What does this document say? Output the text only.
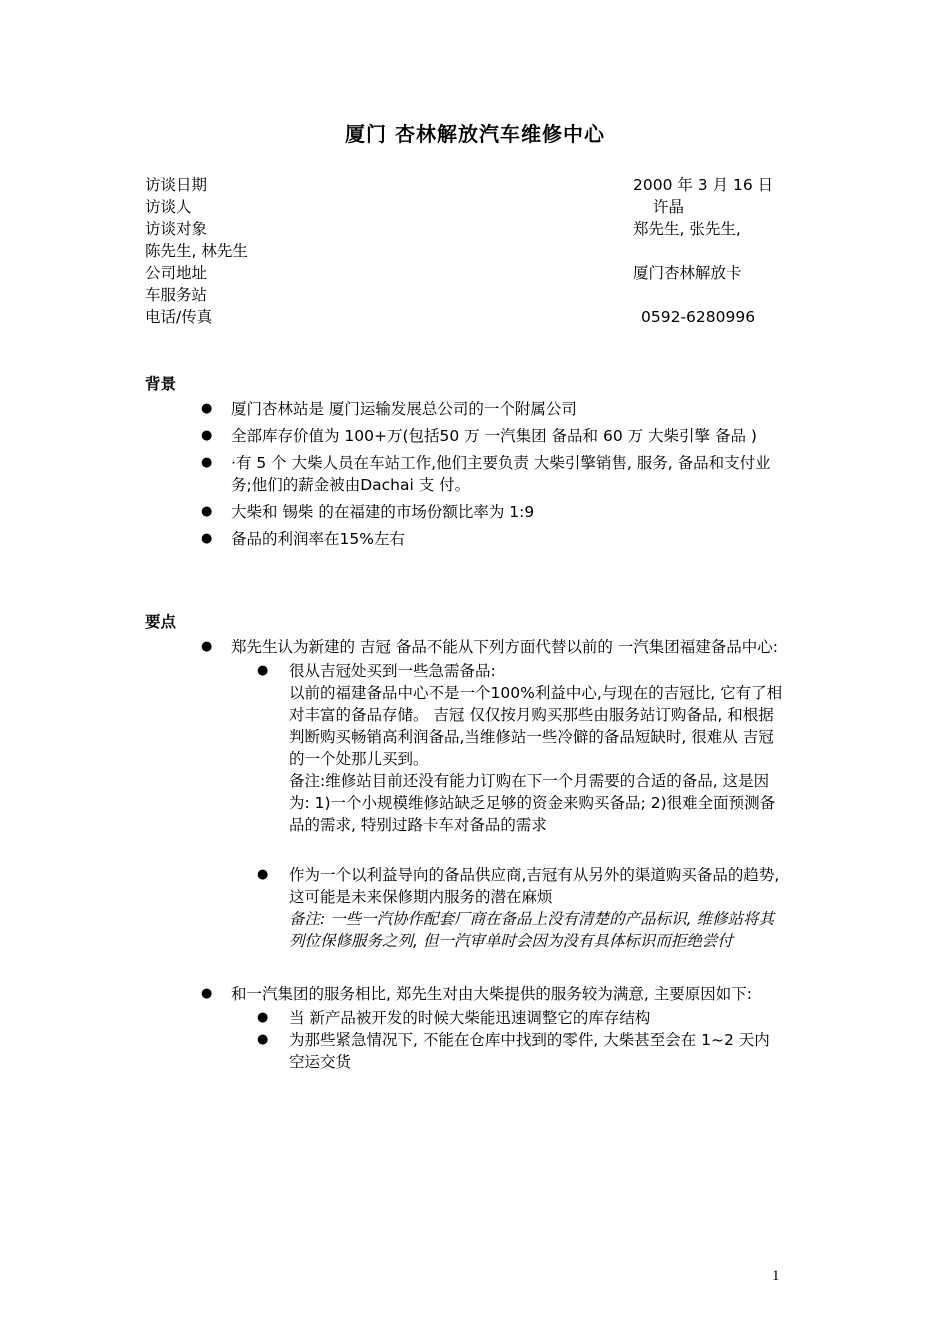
厦门 杏林解放汽车维修中心
访谈日期	2000 年 3 月 16 日
访谈人	许晶
访谈对象	郑先生, 张先生,
陈先生, 林先生
公司地址	厦门杏林解放卡
车服务站
电话/传真	0592-6280996
背景
● 厦门杏林站是 厦门运输发展总公司的一个附属公司
● 全部库存价值为 100+万(包括50 万 一汽集团 备品和 60 万 大柴引擎 备品 )
● ·有 5 个 大柴人员在车站工作,他们主要负责 大柴引擎销售, 服务, 备品和支付业务;他们的薪金被由Dachai 支 付。
● 大柴和 锡柴 的在福建的市场份额比率为 1:9
● 备品的利润率在15%左右
要点
● 郑先生认为新建的 吉冠 备品不能从下列方面代替以前的 一汽集团福建备品中心:
● 很从吉冠处买到一些急需备品:
以前的福建备品中心不是一个100%利益中心,与现在的吉冠比, 它有了相对丰富的备品存储。 吉冠 仅仅按月购买那些由服务站订购备品, 和根据判断购买畅销高利润备品,当维修站一些冷僻的备品短缺时, 很难从 吉冠 的一个处那儿买到。
备注:维修站目前还没有能力订购在下一个月需要的合适的备品, 这是因为: 1)一个小规模维修站缺乏足够的资金来购买备品; 2)很难全面预测备品的需求, 特别过路卡车对备品的需求
● 作为一个以利益导向的备品供应商,吉冠有从另外的渠道购买备品的趋势,这可能是未来保修期内服务的潜在麻烦
备注: 一些一汽协作配套厂商在备品上没有清楚的产品标识, 维修站将其列位保修服务之列, 但一汽审单时会因为没有具体标识而拒绝尝付
● 和一汽集团的服务相比, 郑先生对由大柴提供的服务较为满意, 主要原因如下:
● 当 新产品被开发的时候大柴能迅速调整它的库存结构
● 为那些紧急情况下, 不能在仓库中找到的零件, 大柴甚至会在 1~2 天内空运交货
1
